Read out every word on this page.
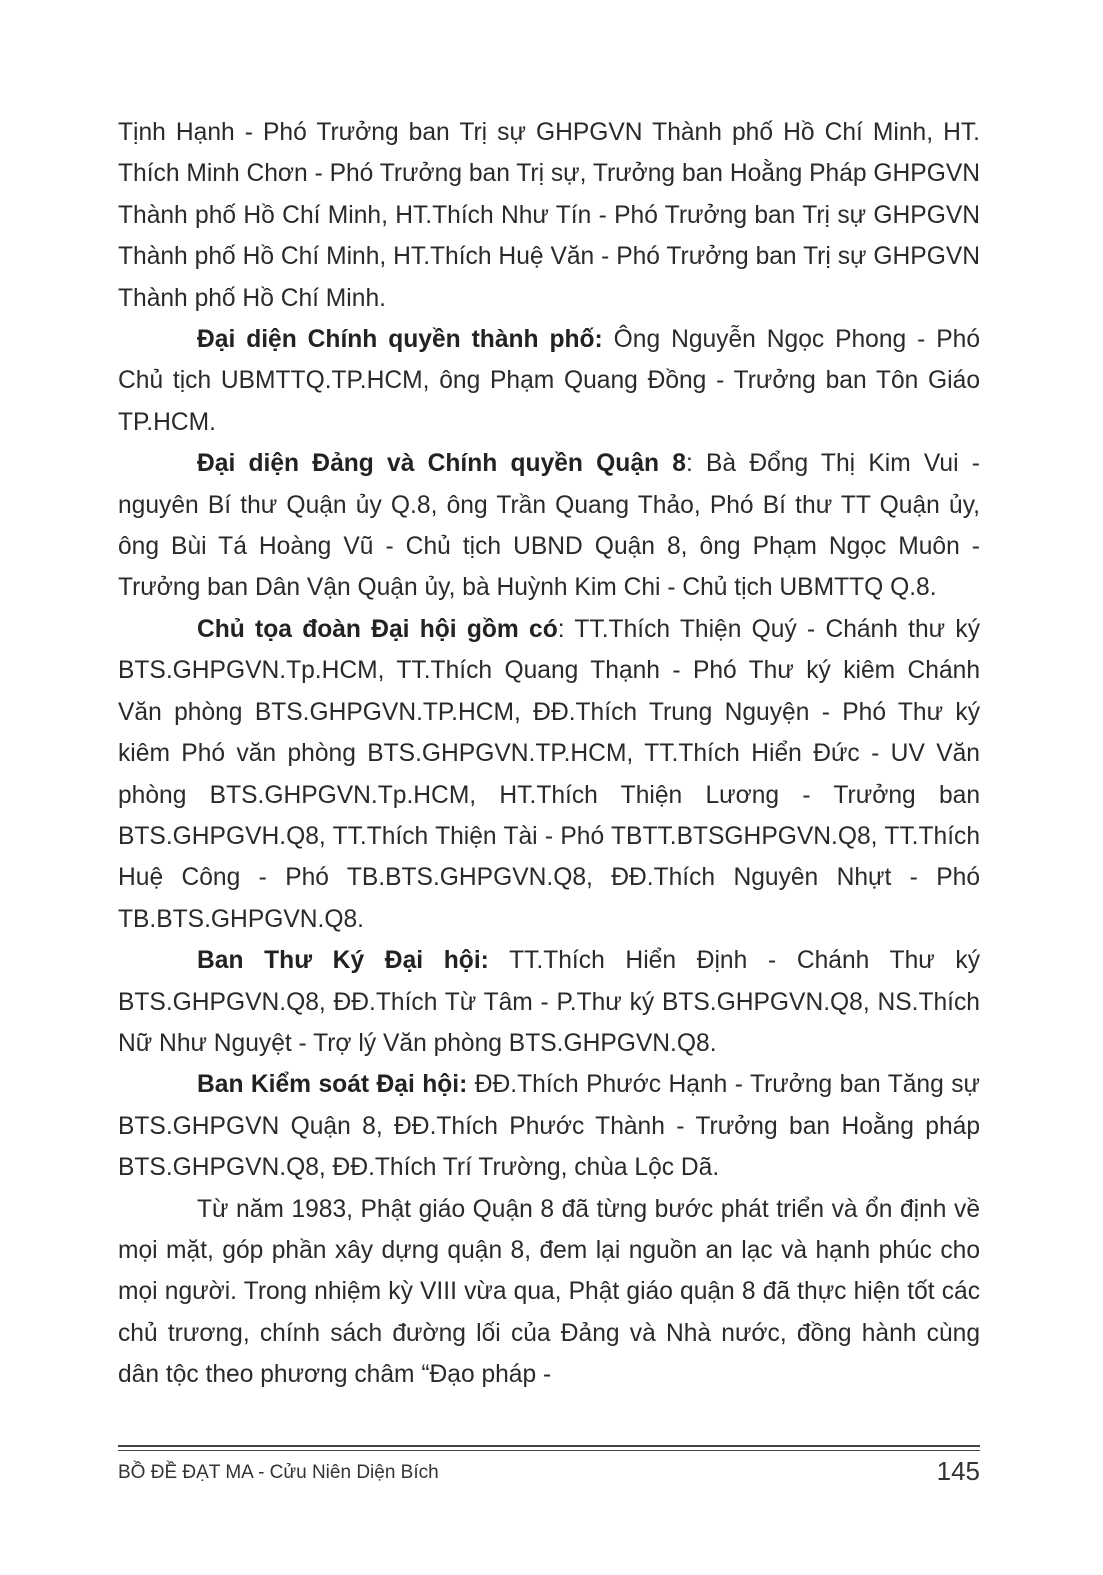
Tịnh Hạnh - Phó Trưởng ban Trị sự GHPGVN Thành phố Hồ Chí Minh, HT. Thích Minh Chơn - Phó Trưởng ban Trị sự, Trưởng ban Hoằng Pháp GHPGVN Thành phố Hồ Chí Minh, HT.Thích Như Tín - Phó Trưởng ban Trị sự GHPGVN Thành phố Hồ Chí Minh, HT.Thích Huệ Văn - Phó Trưởng ban Trị sự GHPGVN Thành phố Hồ Chí Minh.

Đại diện Chính quyền thành phố: Ông Nguyễn Ngọc Phong - Phó Chủ tịch UBMTTQ.TP.HCM, ông Phạm Quang Đồng - Trưởng ban Tôn Giáo TP.HCM.

Đại diện Đảng và Chính quyền Quận 8: Bà Đổng Thị Kim Vui - nguyên Bí thư Quận ủy Q.8, ông Trần Quang Thảo, Phó Bí thư TT Quận ủy, ông Bùi Tá Hoàng Vũ - Chủ tịch UBND Quận 8, ông Phạm Ngọc Muôn - Trưởng ban Dân Vận Quận ủy, bà Huỳnh Kim Chi - Chủ tịch UBMTTQ Q.8.

Chủ tọa đoàn Đại hội gồm có: TT.Thích Thiện Quý - Chánh thư ký BTS.GHPGVN.Tp.HCM, TT.Thích Quang Thạnh - Phó Thư ký kiêm Chánh Văn phòng BTS.GHPGVN.TP.HCM, ĐĐ.Thích Trung Nguyện - Phó Thư ký kiêm Phó văn phòng BTS.GHPGVN.TP.HCM, TT.Thích Hiển Đức - UV Văn phòng BTS.GHPGVN.Tp.HCM, HT.Thích Thiện Lương - Trưởng ban BTS.GHPGVH.Q8, TT.Thích Thiện Tài - Phó TBTT.BTSGHPGVN.Q8, TT.Thích Huệ Công - Phó TB.BTS.GHPGVN.Q8, ĐĐ.Thích Nguyên Nhựt - Phó TB.BTS.GHPGVN.Q8.

Ban Thư Ký Đại hội: TT.Thích Hiển Định - Chánh Thư ký BTS.GHPGVN.Q8, ĐĐ.Thích Từ Tâm - P.Thư ký BTS.GHPGVN.Q8, NS.Thích Nữ Như Nguyệt - Trợ lý Văn phòng BTS.GHPGVN.Q8.

Ban Kiểm soát Đại hội: ĐĐ.Thích Phước Hạnh - Trưởng ban Tăng sự BTS.GHPGVN Quận 8, ĐĐ.Thích Phước Thành - Trưởng ban Hoằng pháp BTS.GHPGVN.Q8, ĐĐ.Thích Trí Trường, chùa Lộc Dã.

Từ năm 1983, Phật giáo Quận 8 đã từng bước phát triển và ổn định về mọi mặt, góp phần xây dựng quận 8, đem lại nguồn an lạc và hạnh phúc cho mọi người. Trong nhiệm kỳ VIII vừa qua, Phật giáo quận 8 đã thực hiện tốt các chủ trương, chính sách đường lối của Đảng và Nhà nước, đồng hành cùng dân tộc theo phương châm “Đạo pháp -

BỒ ĐỀ ĐẠT MA - Cửu Niên Diện Bích	145
